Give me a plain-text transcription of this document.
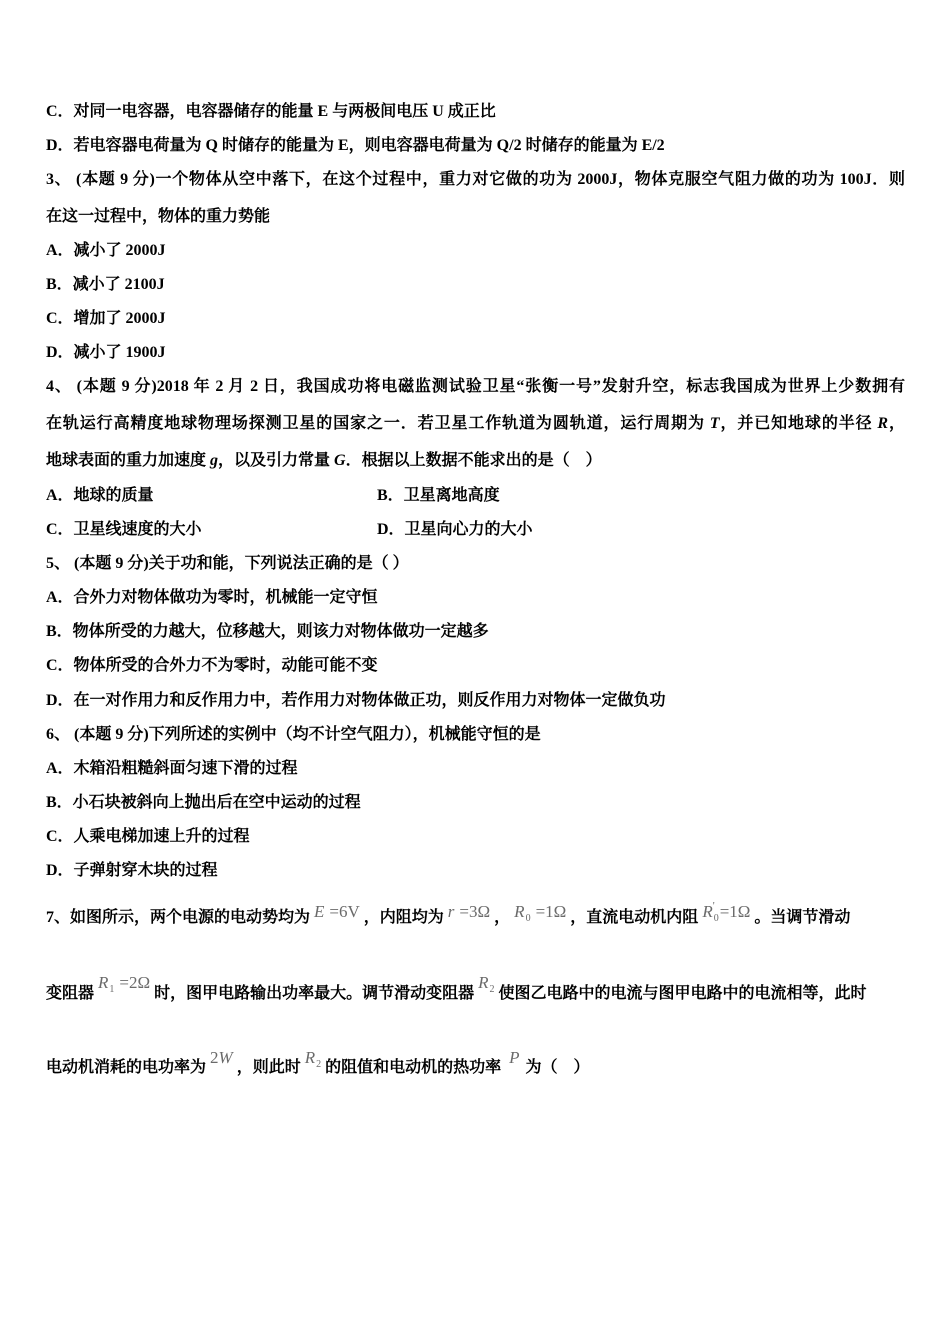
C．对同一电容器，电容器储存的能量 E 与两极间电压 U 成正比
D．若电容器电荷量为 Q 时储存的能量为 E，则电容器电荷量为 Q/2 时储存的能量为 E/2
3、 (本题 9 分)一个物体从空中落下，在这个过程中，重力对它做的功为 2000J，物体克服空气阻力做的功为 100J．则
在这一过程中，物体的重力势能
A．减小了 2000J
B．减小了 2100J
C．增加了 2000J
D．减小了 1900J
4、 (本题 9 分)2018 年 2 月 2 日，我国成功将电磁监测试验卫星“张衡一号”发射升空，标志我国成为世界上少数拥有
在轨运行高精度地球物理场探测卫星的国家之一．若卫星工作轨道为圆轨道，运行周期为 T，并已知地球的半径 R，
地球表面的重力加速度 g，以及引力常量 G．根据以上数据不能求出的是（　）
A．地球的质量	B．卫星离地高度
C．卫星线速度的大小	D．卫星向心力的大小
5、 (本题 9 分)关于功和能，下列说法正确的是（ ）
A．合外力对物体做功为零时，机械能一定守恒
B．物体所受的力越大，位移越大，则该力对物体做功一定越多
C．物体所受的合外力不为零时，动能可能不变
D．在一对作用力和反作用力中，若作用力对物体做正功，则反作用力对物体一定做负功
6、 (本题 9 分)下列所述的实例中（均不计空气阻力），机械能守恒的是
A．木箱沿粗糙斜面匀速下滑的过程
B．小石块被斜向上抛出后在空中运动的过程
C．人乘电梯加速上升的过程
D．子弹射穿木块的过程
7、如图所示，两个电源的电动势均为 E =6V ，内阻均为 r =3Ω ， $R_0 =1\Omega$ ，直流电动机内阻 $R_0' =1\Omega$ 。当调节滑动
变阻器$R_1 =2\Omega$时，图甲电路输出功率最大。调节滑动变阻器$R_2$ 使图乙电路中的电流与图甲电路中的电流相等，此时
电动机消耗的电功率为2W，则此时$R_2$ 的阻值和电动机的热功率P为（　）
